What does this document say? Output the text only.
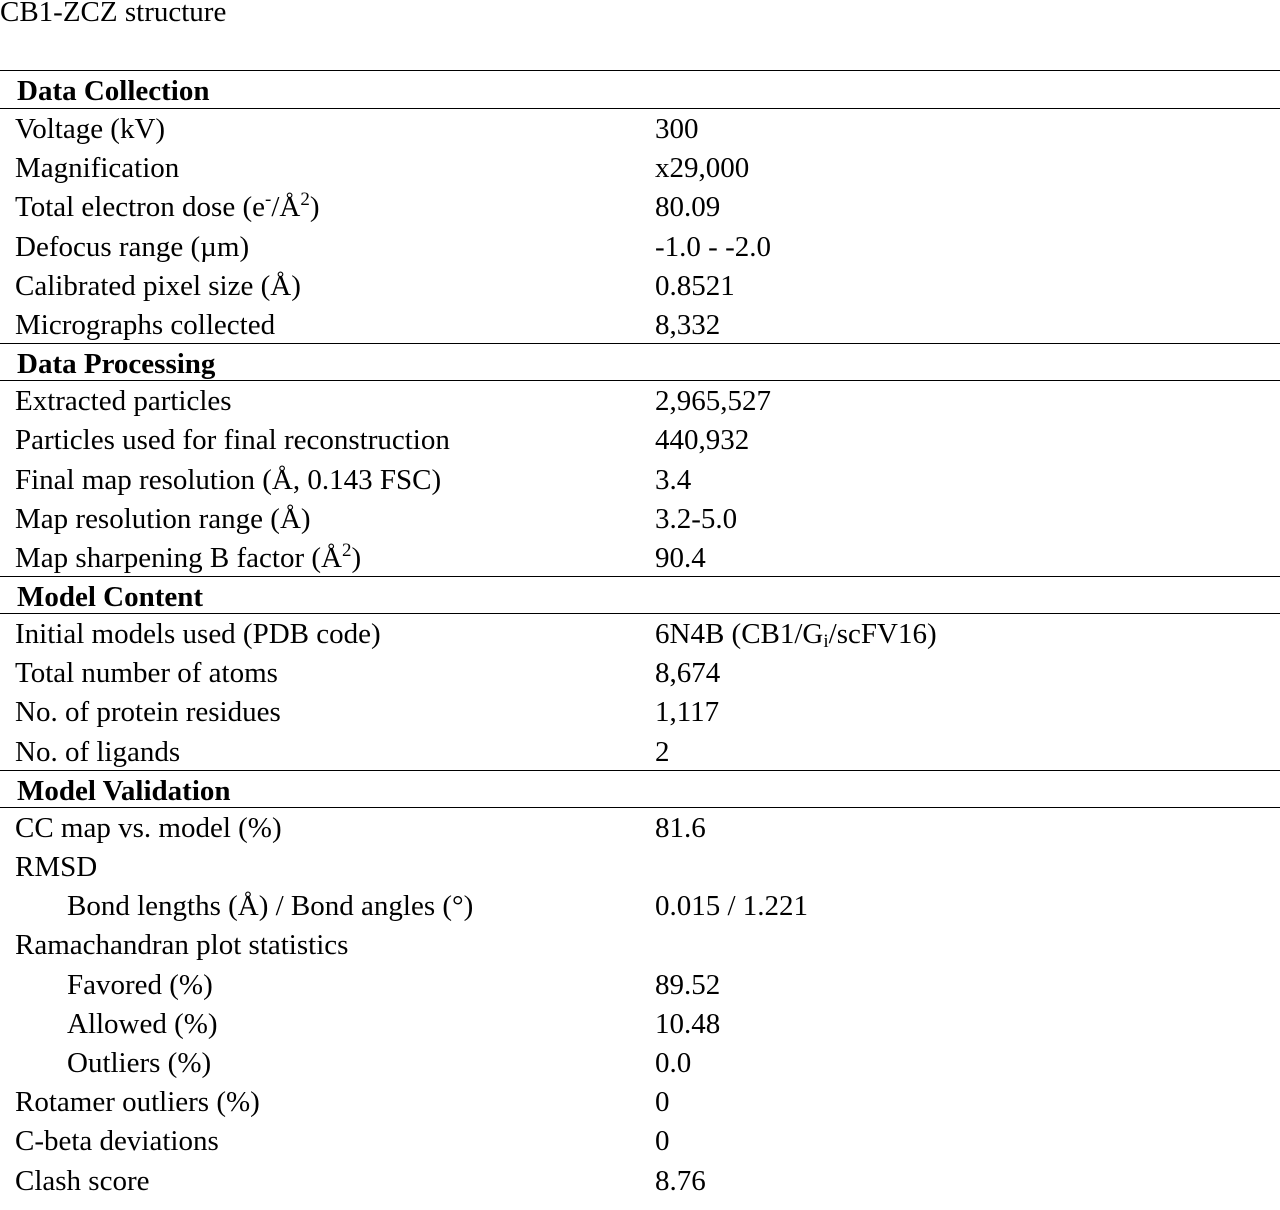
CB1-ZCZ structure
Data Collection
Voltage (kV)	300
Magnification	x29,000
Total electron dose $(e^-/Å^2)$	80.09
Defocus range (µm)	-1.0 - -2.0
Calibrated pixel size (Å)	0.8521
Micrographs collected	8,332
Data Processing
Extracted particles	2,965,527
Particles used for final reconstruction	440,932
Final map resolution (Å, 0.143 FSC)	3.4
Map resolution range (Å)	3.2-5.0
Map sharpening B factor $(Å^2)$	90.4
Model Content
Initial models used (PDB code)	6N4B $(CB1/G_i/scFV16)$
Total number of atoms	8,674
No. of protein residues	1,117
No. of ligands	2
Model Validation
CC map vs. model (%)	81.6
RMSD
Bond lengths (Å) / Bond angles (°)	0.015 / 1.221
Ramachandran plot statistics
Favored (%)	89.52
Allowed (%)	10.48
Outliers (%)	0.0
Rotamer outliers (%)	0
C-beta deviations	0
Clash score	8.76
